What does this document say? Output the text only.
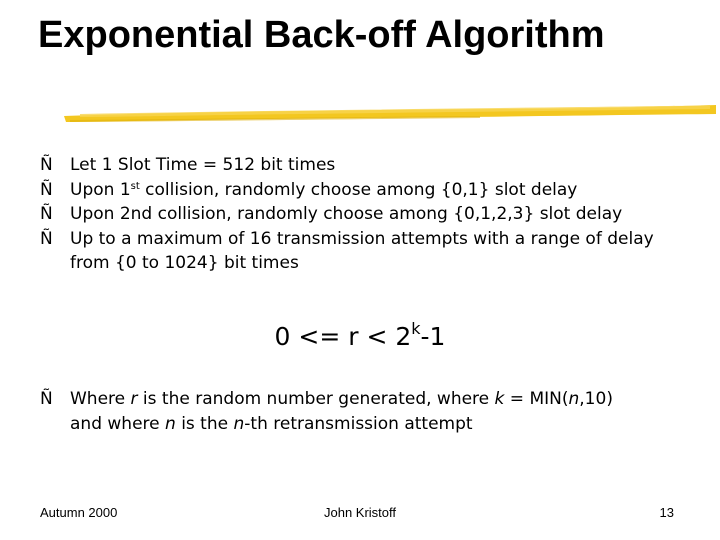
Exponential Back-off Algorithm
Ñ	Let 1 Slot Time = 512 bit times
Ñ	Upon 1st collision, randomly choose among {0,1} slot delay
Ñ	Upon 2nd collision, randomly choose among {0,1,2,3} slot delay
Ñ	Up to a maximum of 16 transmission attempts with a range of delay
from {0 to 1024} bit times
$0 <= r < 2^k-1$
Ñ	Where r is the random number generated, where k = MIN(n,10)
and where n is the n-th retransmission attempt
Autumn 2000	John Kristoff	13
